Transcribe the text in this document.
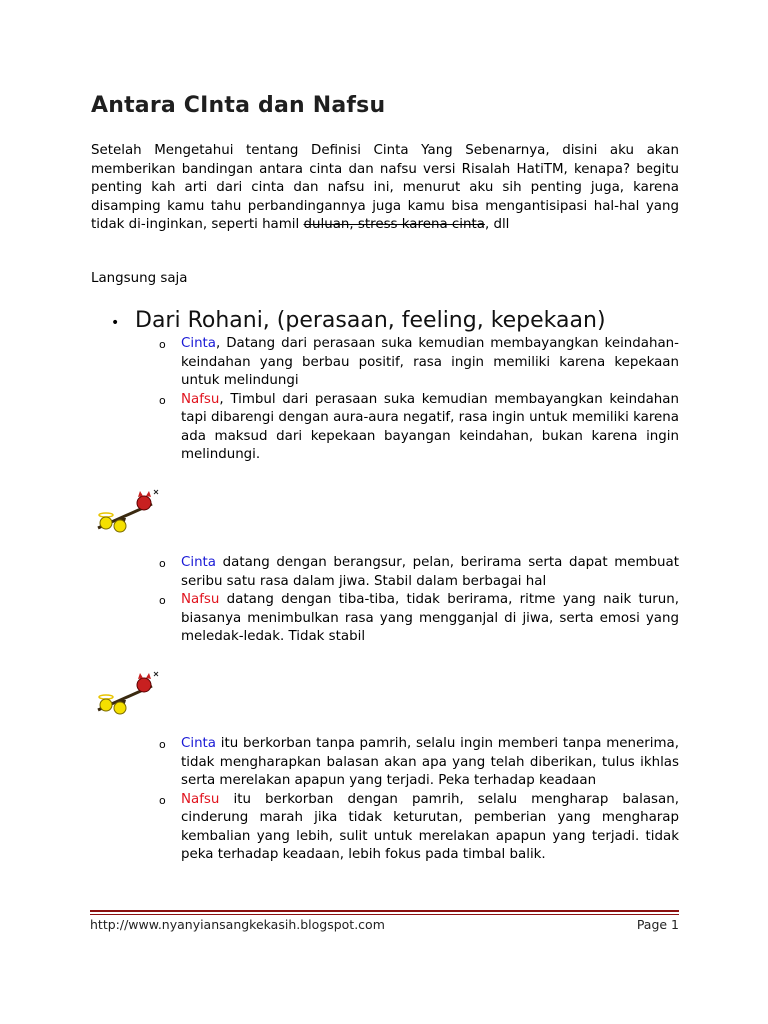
Antara CInta dan Nafsu

Setelah Mengetahui tentang Definisi Cinta Yang Sebenarnya, disini aku akan memberikan bandingan antara cinta dan nafsu versi Risalah HatiTM, kenapa? begitu penting kah arti dari cinta dan nafsu ini, menurut aku sih penting juga, karena disamping kamu tahu perbandingannya juga kamu bisa mengantisipasi hal-hal yang tidak di-inginkan, seperti hamil duluan, stress karena cinta, dll

Langsung saja

• Dari Rohani, (perasaan, feeling, kepekaan)
o Cinta, Datang dari perasaan suka kemudian membayangkan keindahan-keindahan yang berbau positif, rasa ingin memiliki karena kepekaan untuk melindungi
o Nafsu, Timbul dari perasaan suka kemudian membayangkan keindahan tapi dibarengi dengan aura-aura negatif, rasa ingin untuk memiliki karena ada maksud dari kepekaan bayangan keindahan, bukan karena ingin melindungi.
o Cinta datang dengan berangsur, pelan, berirama serta dapat membuat seribu satu rasa dalam jiwa. Stabil dalam berbagai hal
o Nafsu datang dengan tiba-tiba, tidak berirama, ritme yang naik turun, biasanya menimbulkan rasa yang mengganjal di jiwa, serta emosi yang meledak-ledak. Tidak stabil
o Cinta itu berkorban tanpa pamrih, selalu ingin memberi tanpa menerima, tidak mengharapkan balasan akan apa yang telah diberikan, tulus ikhlas serta merelakan apapun yang terjadi. Peka terhadap keadaan
o Nafsu itu berkorban dengan pamrih, selalu mengharap balasan, cinderung marah jika tidak keturutan, pemberian yang mengharap kembalian yang lebih, sulit untuk merelakan apapun yang terjadi. tidak peka terhadap keadaan, lebih fokus pada timbal balik.
http://www.nyanyiansangkekasih.blogspot.com	Page 1
